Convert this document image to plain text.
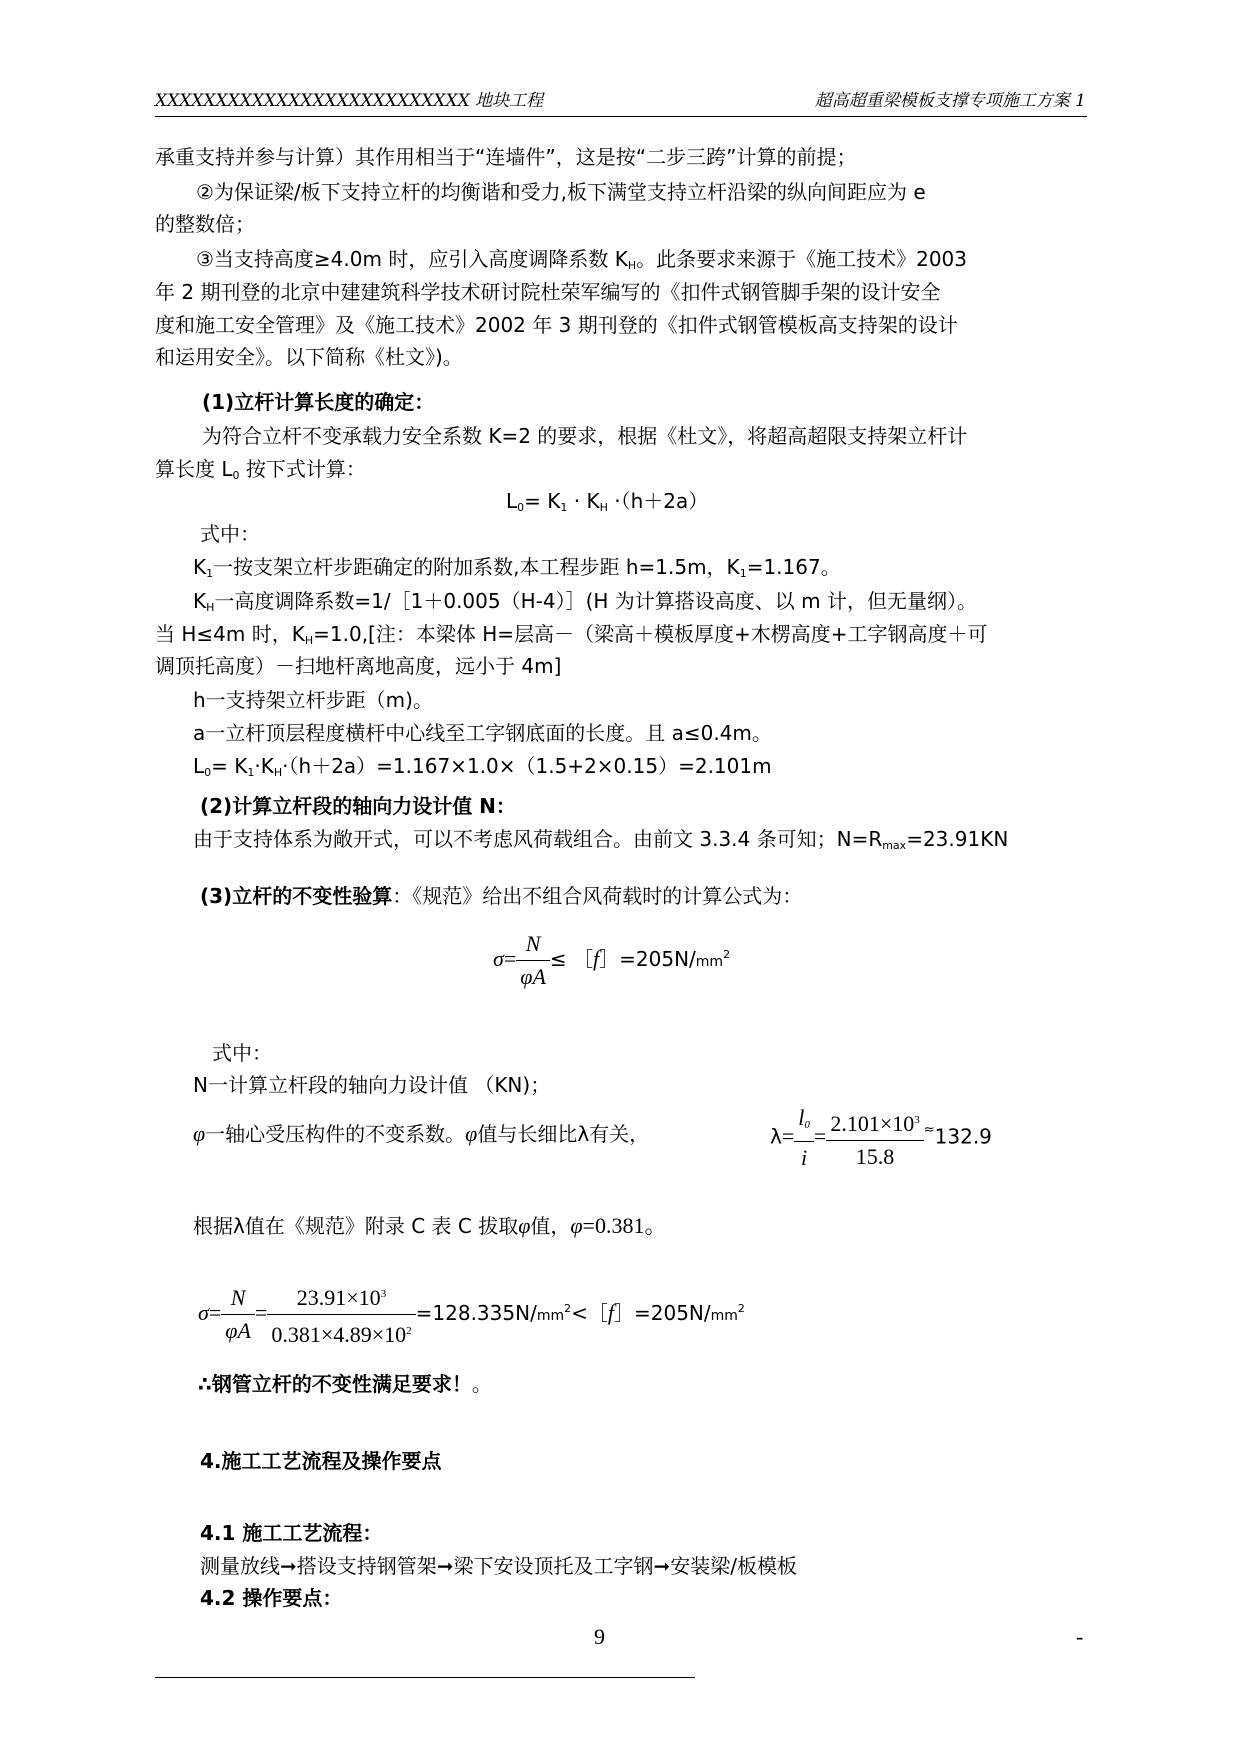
XXXXXXXXXXXXXXXXXXXXXXXXXX 地块工程	超高超重梁模板支撑专项施工方案 1
承重支持并参与计算）其作用相当于“连墙件”，这是按“二步三跨”计算的前提；
②为保证梁/板下支持立杆的均衡谐和受力,板下满堂支持立杆沿梁的纵向间距应为 e
的整数倍；
③当支持高度≥4.0m 时，应引入高度调降系数 $K_H$。此条要求来源于《施工技术》2003
年 2 期刊登的北京中建建筑科学技术研讨院杜荣军编写的《扣件式钢管脚手架的设计安全
度和施工安全管理》及《施工技术》2002 年 3 期刊登的《扣件式钢管模板高支持架的设计
和运用安全》。以下简称《杜文》)。
(1)立杆计算长度的确定：
为符合立杆不变承载力安全系数 K=2 的要求，根据《杜文》，将超高超限支持架立杆计
算长度 $L_0$ 按下式计算：
$L_0= K_1 \cdot K_H \cdot(h+2a)$
式中：
$K_1$一按支架立杆步距确定的附加系数,本工程步距 h=1.5m，$K_1=1.167$。
$K_H$一高度调降系数=1/［1＋0.005（H-4）］(H 为计算搭设高度、以 m 计，但无量纲）。
当 H≤4m 时，$K_H=1.0$,[注：本梁体 H=层高－（梁高＋模板厚度+木楞高度+工字钢高度＋可
调顶托高度）－扫地杆离地高度，远小于 4m]
h一支持架立杆步距（m)。
a一立杆顶层程度横杆中心线至工字钢底面的长度。且 a≤0.4m。
$L_0= K_1\cdot K_H\cdot(h+2a)=1.167\times 1.0\times(1.5+2\times 0.15)=2.101m$
(2)计算立杆段的轴向力设计值 N：
由于支持体系为敞开式，可以不考虑风荷载组合。由前文 3.3.4 条可知；$N=R_{max}=23.91KN$
(3)立杆的不变性验算：《规范》给出不组合风荷载时的计算公式为：
$\sigma= \frac{N}{\varphi A}$ ≤ $[f]=205N/mm^2$
式中：
N一计算立杆段的轴向力设计值 （KN)；
φ一轴心受压构件的不变系数。φ值与长细比λ有关，	$\lambda= \frac{l_0}{i} = \frac{2.101\times 10^3}{15.8} ^\approx 132.9$
根据λ值在《规范》附录 C 表 C 拔取φ值，φ=0.381。
$\sigma= \frac{N}{\varphi A} = \frac{23.91\times 10^3}{0.381\times 4.89\times 10^2}$ $=128.335N/mm^2<[f]=205N/mm^2$
∴钢管立杆的不变性满足要求！。
4.施工工艺流程及操作要点
4.1 施工工艺流程：
测量放线➞搭设支持钢管架➞梁下安设顶托及工字钢➞安装梁/板模板
4.2 操作要点：
9	-
